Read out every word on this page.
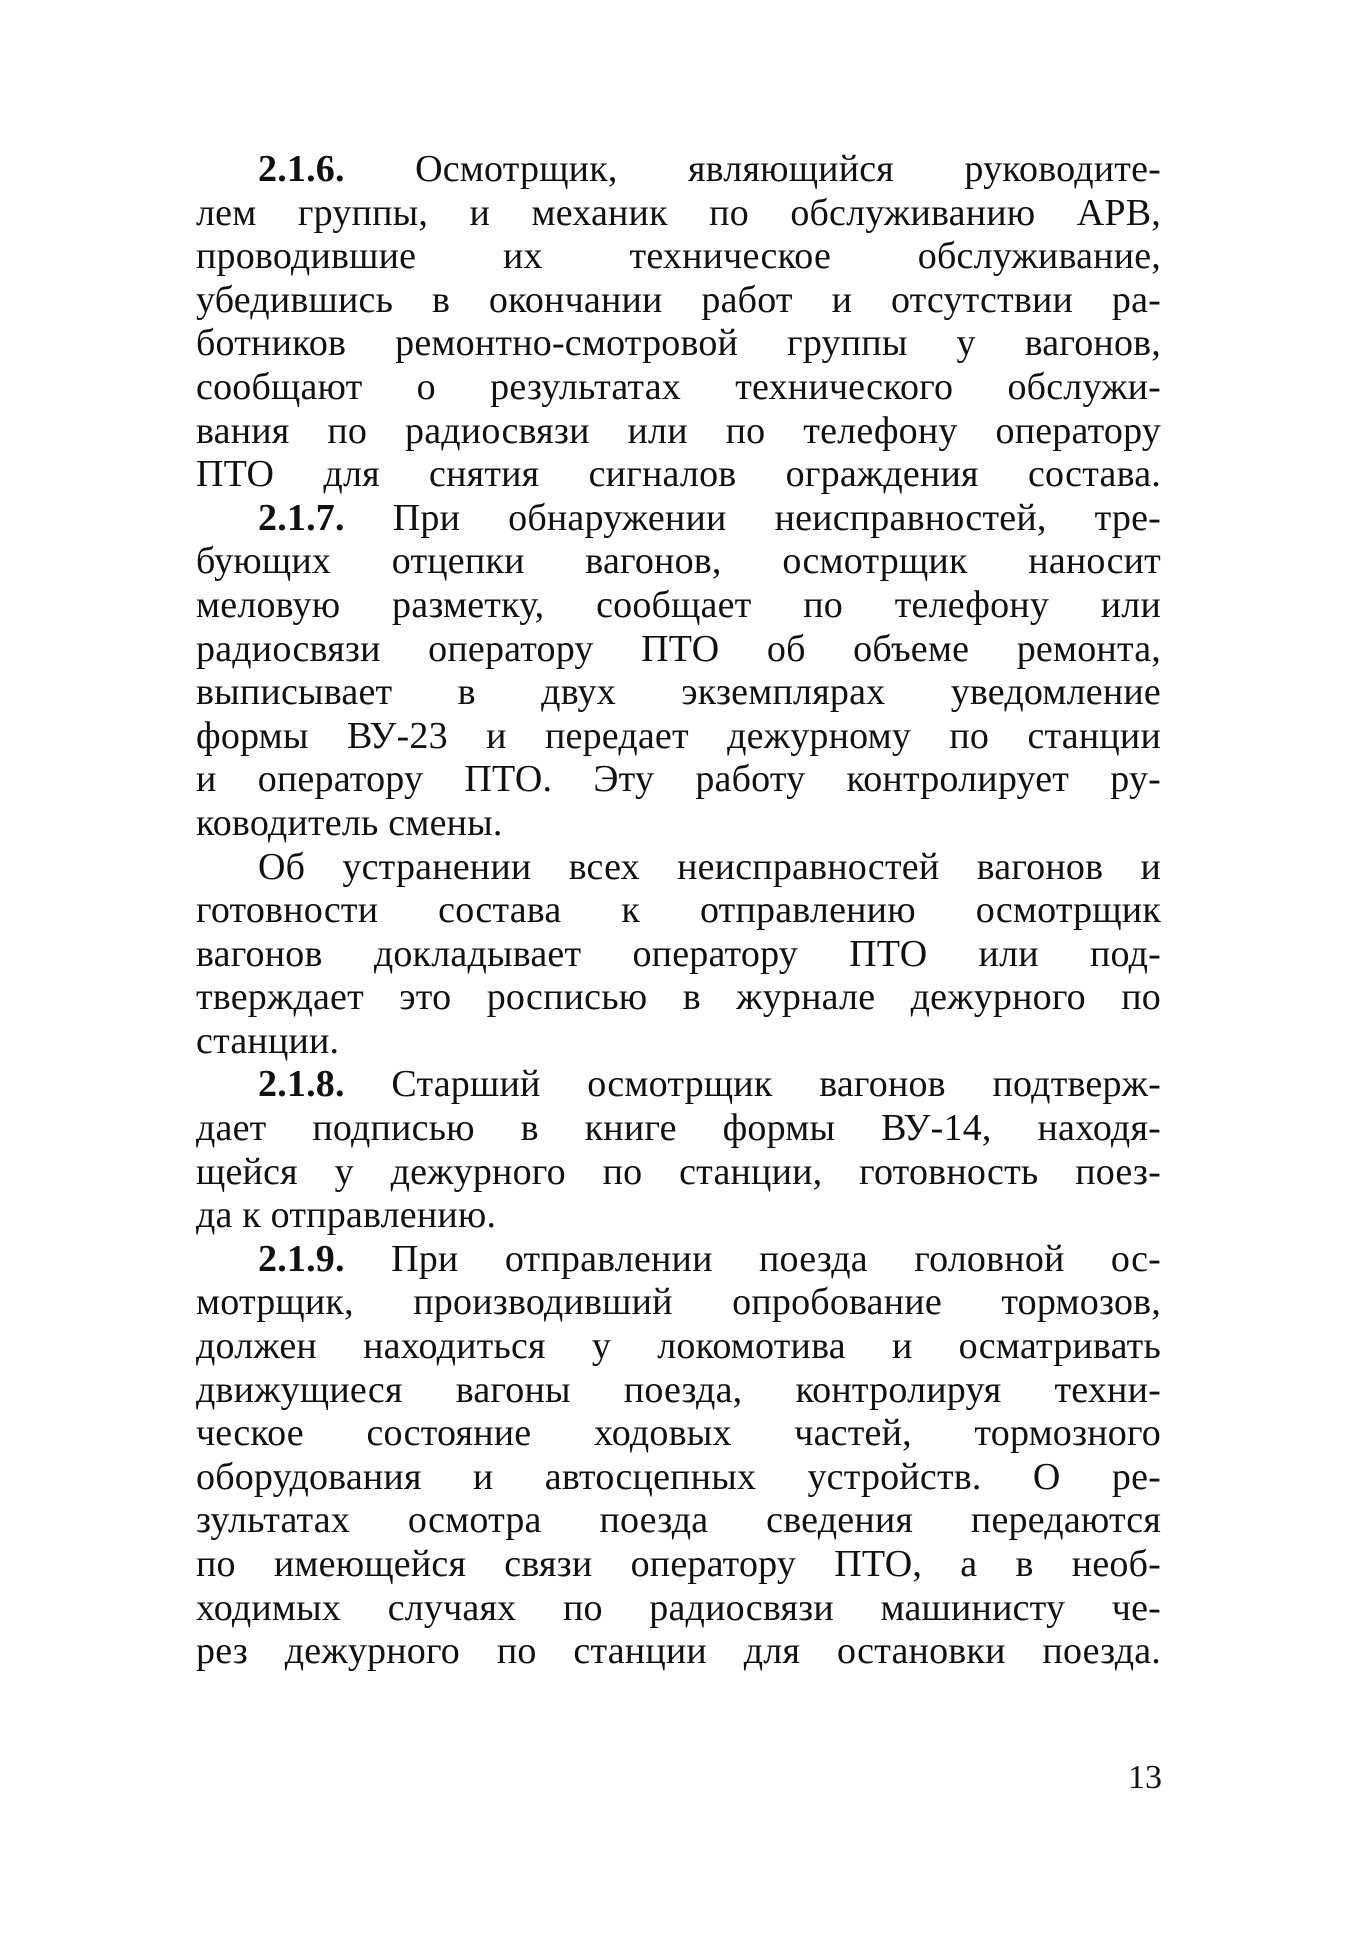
2.1.6. Осмотрщик, являющийся руководите-
лем группы, и механик по обслуживанию АРВ,
проводившие их техническое обслуживание,
убедившись в окончании работ и отсутствии ра-
ботников ремонтно-смотровой группы у вагонов,
сообщают о результатах технического обслужи-
вания по радиосвязи или по телефону оператору
ПТО для снятия сигналов ограждения состава.
2.1.7. При обнаружении неисправностей, тре-
бующих отцепки вагонов, осмотрщик наносит
меловую разметку, сообщает по телефону или
радиосвязи оператору ПТО об объеме ремонта,
выписывает в двух экземплярах уведомление
формы ВУ-23 и передает дежурному по станции
и оператору ПТО. Эту работу контролирует ру-
ководитель смены.
Об устранении всех неисправностей вагонов и
готовности состава к отправлению осмотрщик
вагонов докладывает оператору ПТО или под-
тверждает это росписью в журнале дежурного по
станции.
2.1.8. Старший осмотрщик вагонов подтверж-
дает подписью в книге формы ВУ-14, находя-
щейся у дежурного по станции, готовность поез-
да к отправлению.
2.1.9. При отправлении поезда головной ос-
мотрщик, производивший опробование тормозов,
должен находиться у локомотива и осматривать
движущиеся вагоны поезда, контролируя техни-
ческое состояние ходовых частей, тормозного
оборудования и автосцепных устройств. О ре-
зультатах осмотра поезда сведения передаются
по имеющейся связи оператору ПТО, а в необ-
ходимых случаях по радиосвязи машинисту че-
рез дежурного по станции для остановки поезда.
13
